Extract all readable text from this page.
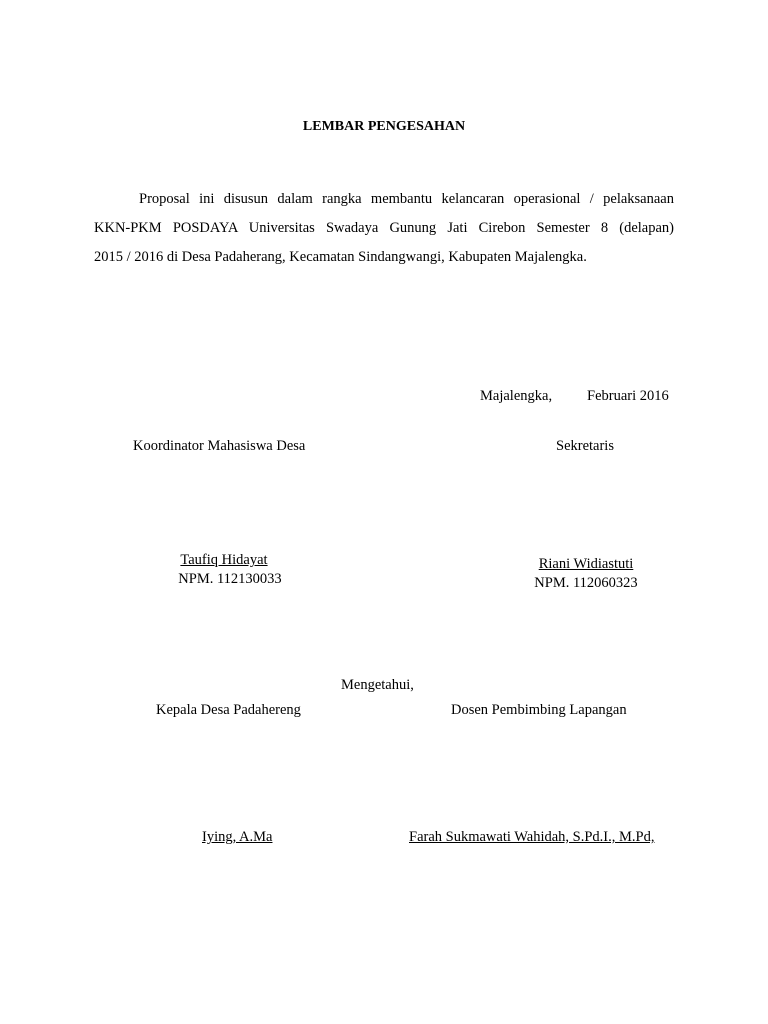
LEMBAR PENGESAHAN
Proposal ini disusun dalam rangka membantu kelancaran operasional / pelaksanaan
KKN-PKM POSDAYA Universitas Swadaya Gunung Jati Cirebon Semester 8 (delapan)
2015 / 2016 di Desa Padaherang, Kecamatan Sindangwangi, Kabupaten Majalengka.
Majalengka, Februari 2016
Koordinator Mahasiswa Desa	Sekretaris
Taufiq Hidayat
NPM. 112130033
Riani Widiastuti
NPM. 112060323
Mengetahui,
Kepala Desa Padahereng	Dosen Pembimbing Lapangan
Iying, A.Ma	Farah Sukmawati Wahidah, S.Pd.I., M.Pd,
